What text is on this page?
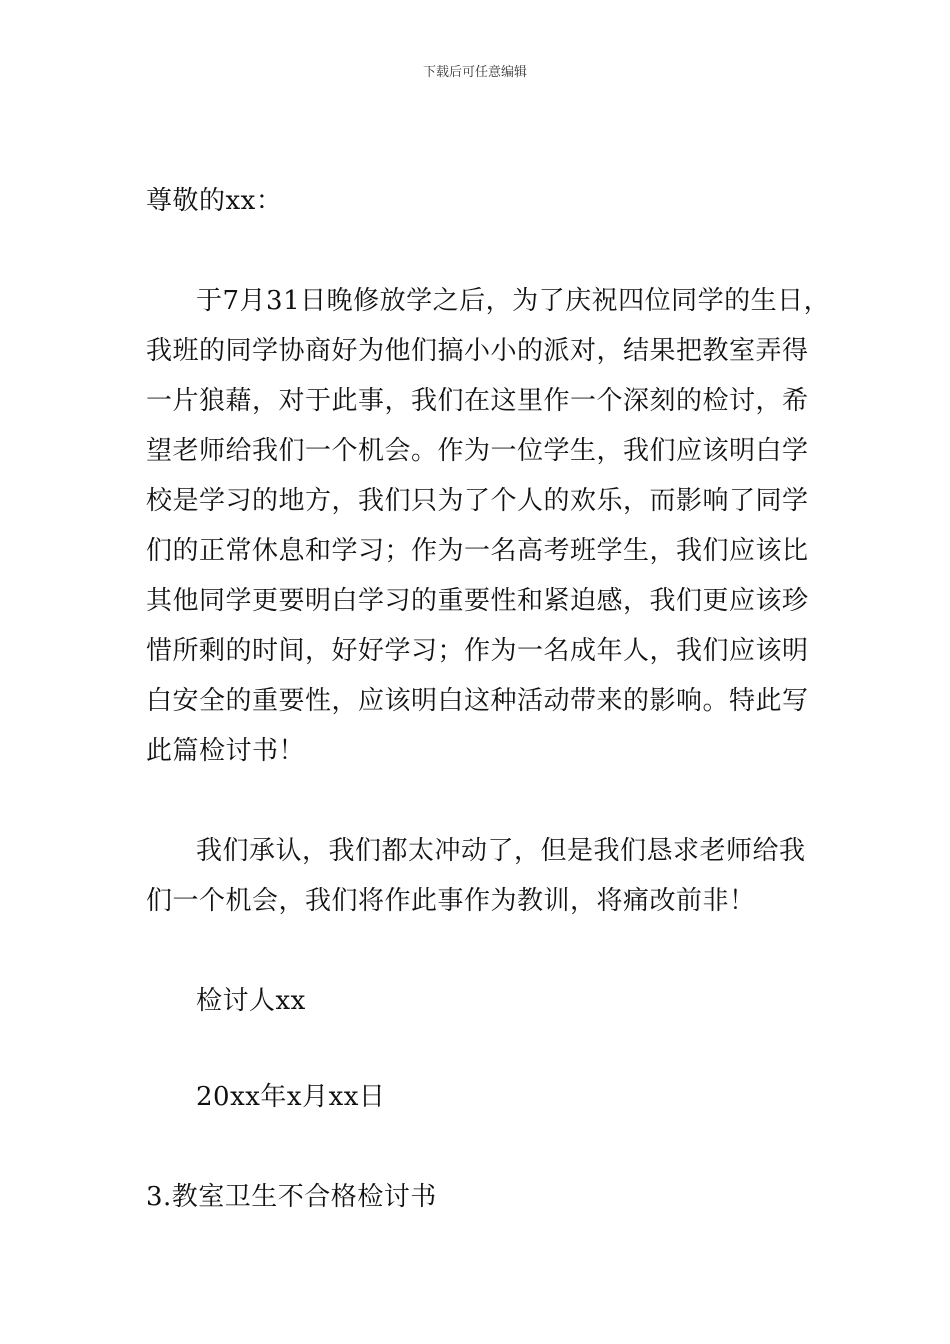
下载后可任意编辑
尊敬的xx：
于7月31日晚修放学之后，为了庆祝四位同学的生日，
我班的同学协商好为他们搞小小的派对，结果把教室弄得
一片狼藉，对于此事，我们在这里作一个深刻的检讨，希
望老师给我们一个机会。作为一位学生，我们应该明白学
校是学习的地方，我们只为了个人的欢乐，而影响了同学
们的正常休息和学习；作为一名高考班学生，我们应该比
其他同学更要明白学习的重要性和紧迫感，我们更应该珍
惜所剩的时间，好好学习；作为一名成年人，我们应该明
白安全的重要性，应该明白这种活动带来的影响。特此写
此篇检讨书！
我们承认，我们都太冲动了，但是我们恳求老师给我
们一个机会，我们将作此事作为教训，将痛改前非！
检讨人xx
20xx年x月xx日
3.教室卫生不合格检讨书
